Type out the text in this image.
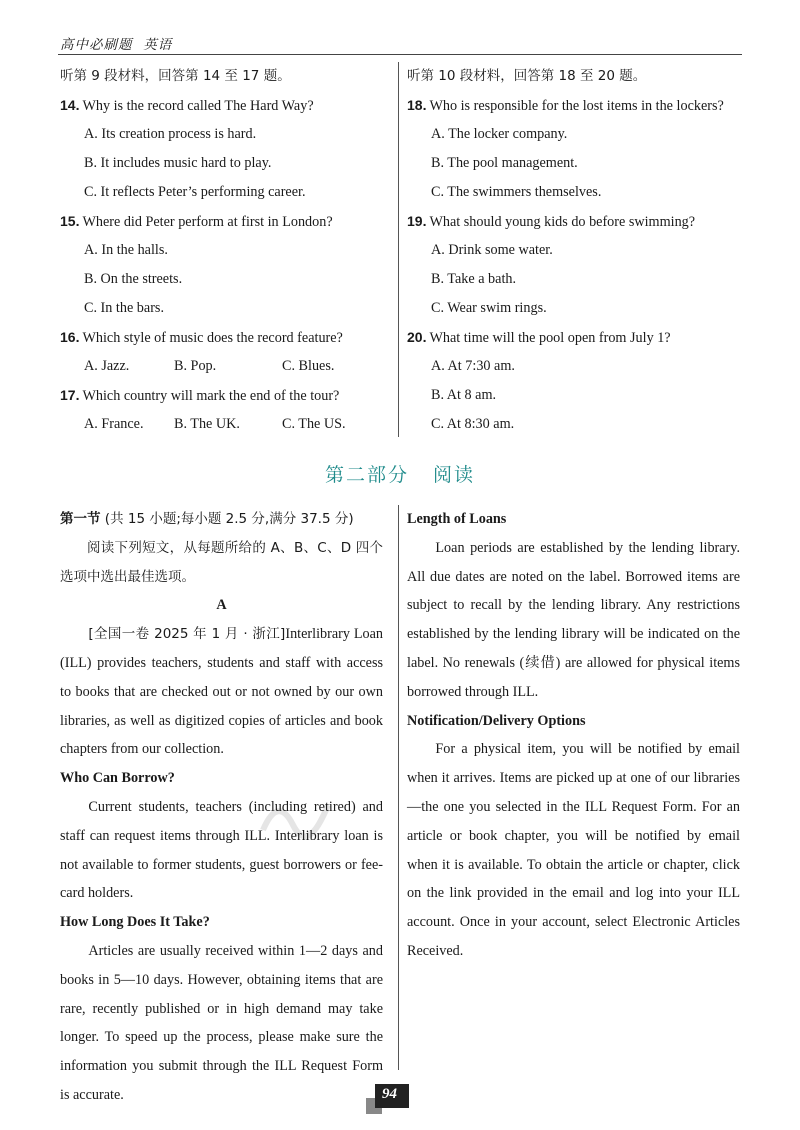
高中必刷题 英语
听第 9 段材料，回答第 14 至 17 题。
14. Why is the record called The Hard Way?
A. Its creation process is hard.
B. It includes music hard to play.
C. It reflects Peter’s performing career.
15. Where did Peter perform at first in London?
A. In the halls.
B. On the streets.
C. In the bars.
16. Which style of music does the record feature?
A. Jazz.	B. Pop.	C. Blues.
17. Which country will mark the end of the tour?
A. France.	B. The UK.	C. The US.
听第 10 段材料，回答第 18 至 20 题。
18. Who is responsible for the lost items in the lockers?
A. The locker company.
B. The pool management.
C. The swimmers themselves.
19. What should young kids do before swimming?
A. Drink some water.
B. Take a bath.
C. Wear swim rings.
20. What time will the pool open from July 1?
A. At 7:30 am.
B. At 8 am.
C. At 8:30 am.
第二部分 阅读
第一节 (共 15 小题;每小题 2.5 分,满分 37.5 分)

阅读下列短文，从每题所给的 A、B、C、D 四个选项中选出最佳选项。

A

[全国一卷 2025 年 1 月 · 浙江]Interlibrary Loan (ILL) provides teachers, students and staff with access to books that are checked out or not owned by our own libraries, as well as digitized copies of articles and book chapters from our collection.

Who Can Borrow?

Current students, teachers (including retired) and staff can request items through ILL. Interlibrary loan is not available to former students, guest borrowers or fee-card holders.

How Long Does It Take?

Articles are usually received within 1—2 days and books in 5—10 days. However, obtaining items that are rare, recently published or in high demand may take longer. To speed up the process, please make sure the information you submit through the ILL Request Form is accurate.

Length of Loans

Loan periods are established by the lending library. All due dates are noted on the label. Borrowed items are subject to recall by the lending library. Any restrictions established by the lending library will be indicated on the label. No renewals (续借) are allowed for physical items borrowed through ILL.

Notification/Delivery Options

For a physical item, you will be notified by email when it arrives. Items are picked up at one of our libraries—the one you selected in the ILL Request Form. For an article or book chapter, you will be notified by email when it is available. To obtain the article or chapter, click on the link provided in the email and log into your ILL account. Once in your account, select Electronic Articles Received.

94
